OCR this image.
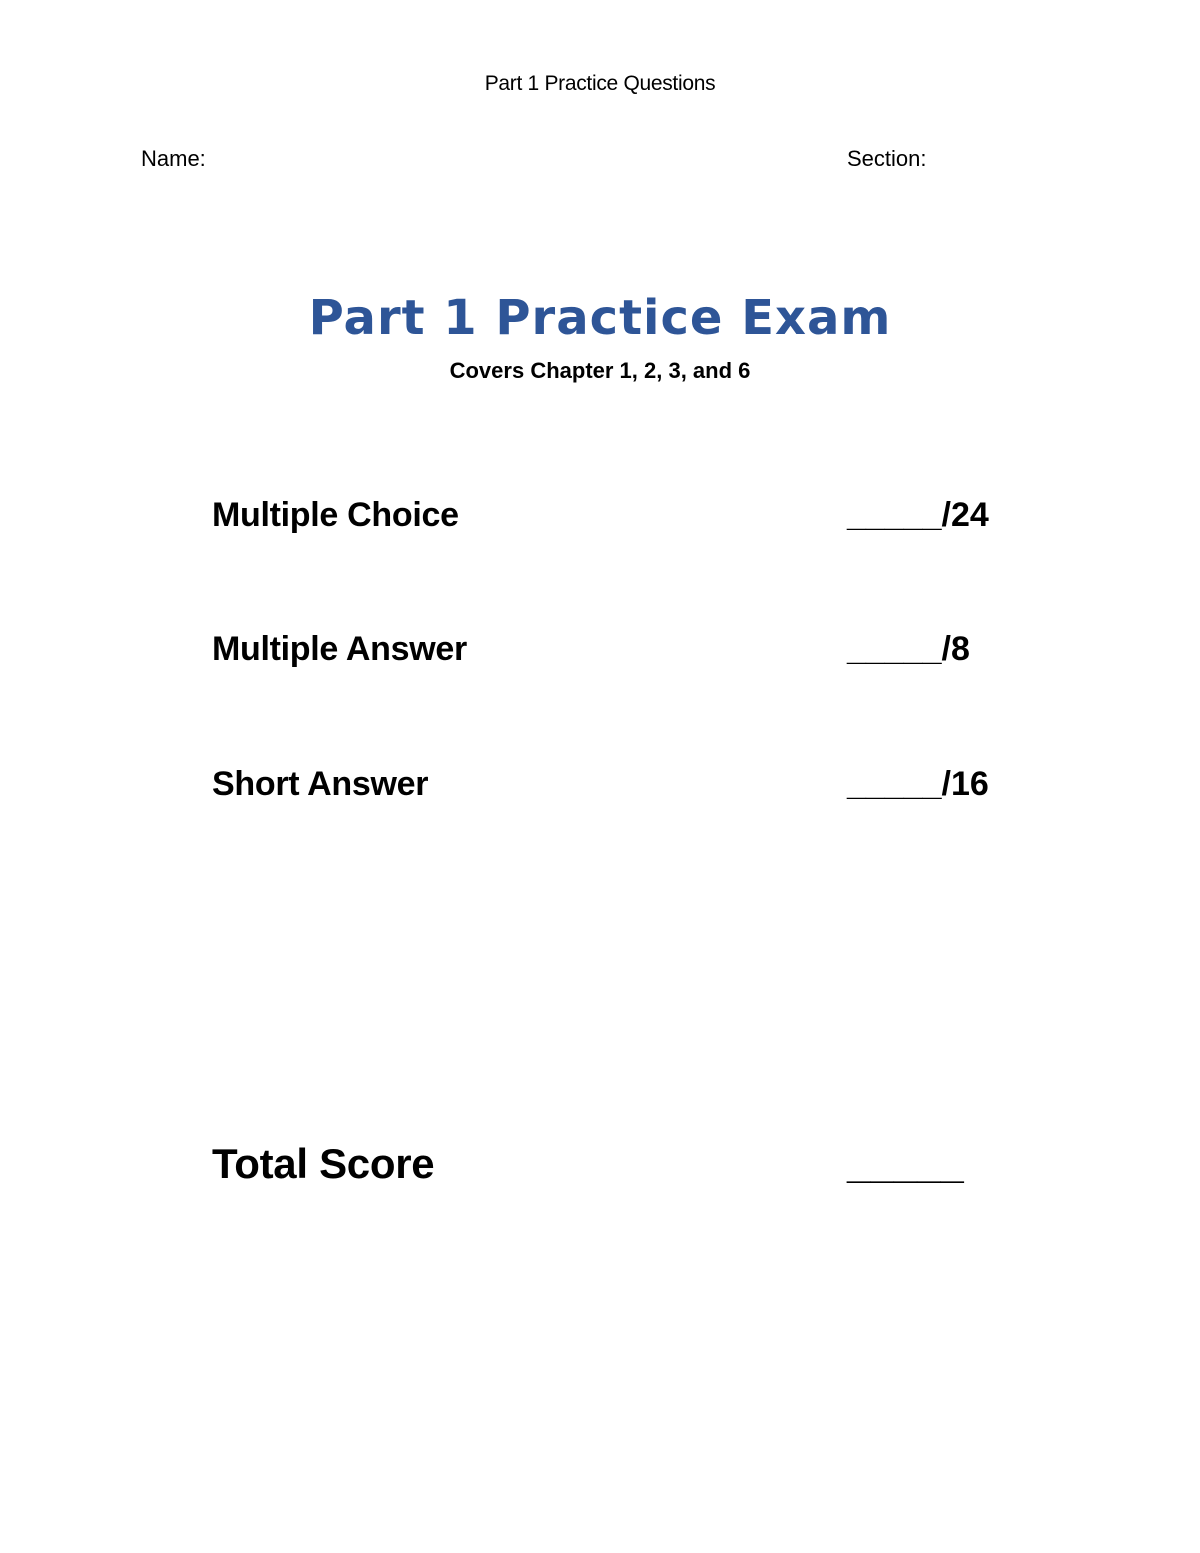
Part 1 Practice Questions
Name:	Section:
Part 1 Practice Exam
Covers Chapter 1, 2, 3, and 6
Multiple Choice	_____/24
Multiple Answer	_____/8
Short Answer	_____/16
Total Score	_____
